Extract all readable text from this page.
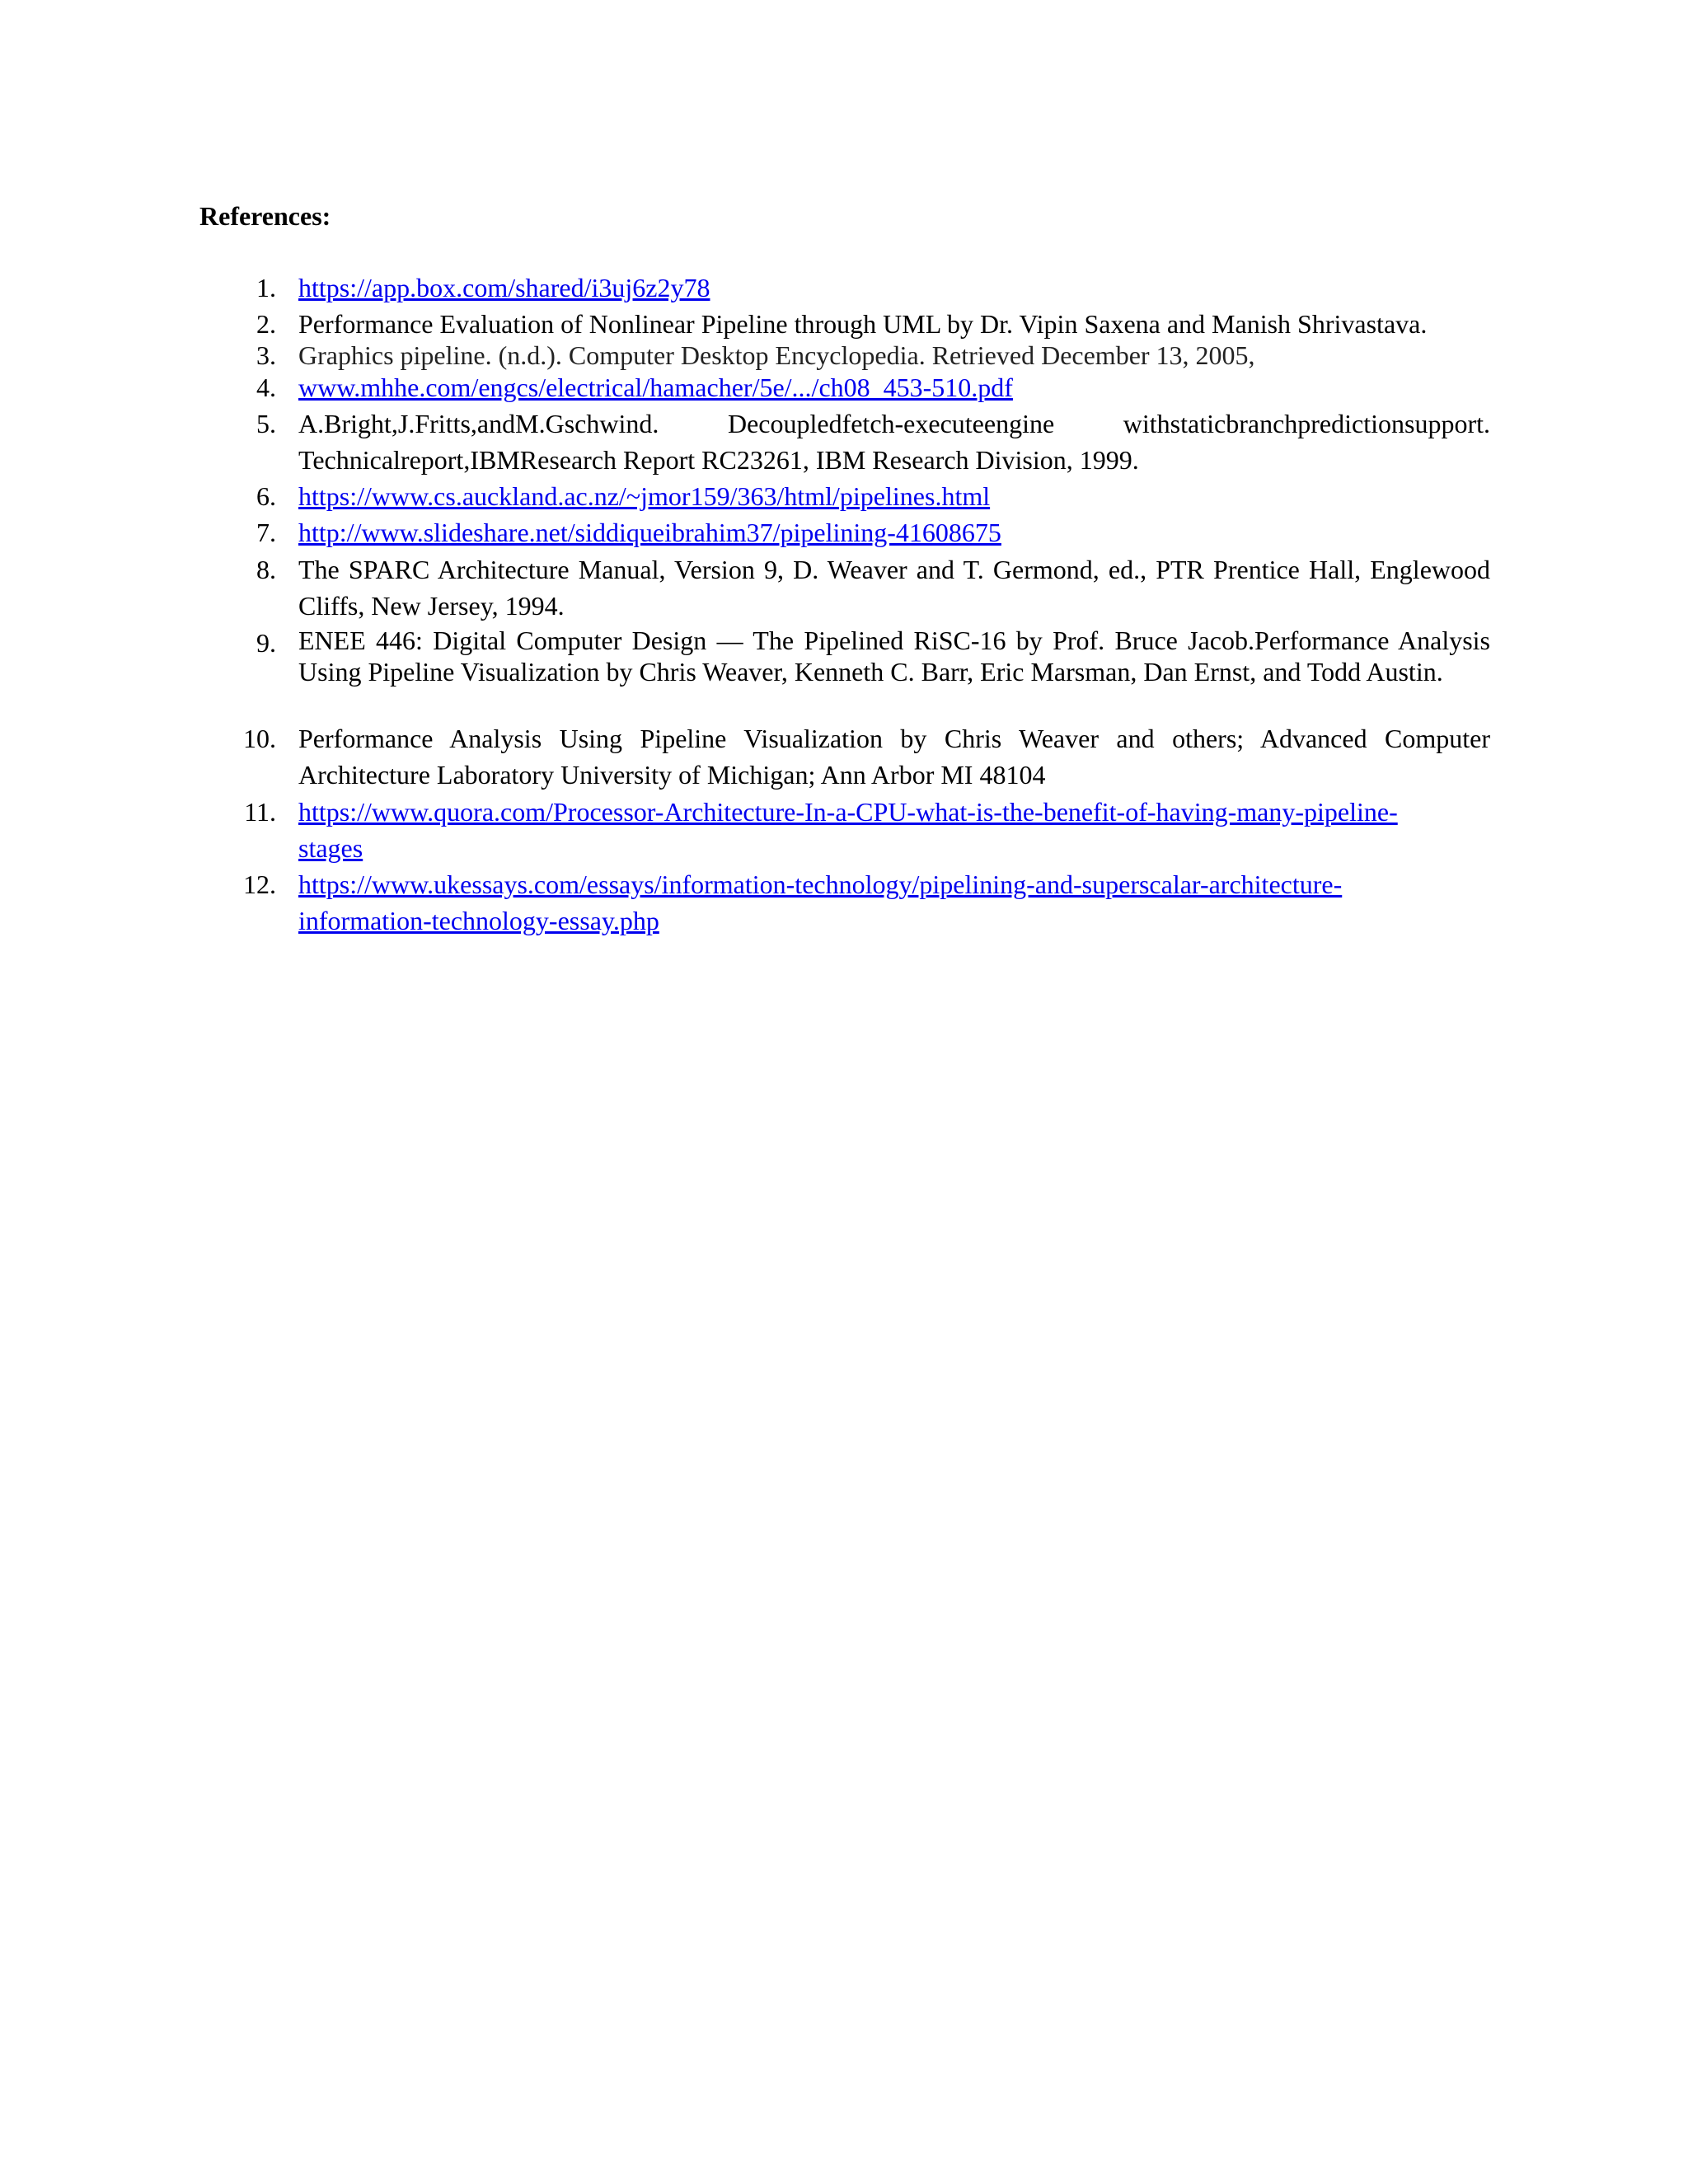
References:
1. https://app.box.com/shared/i3uj6z2y78
2. Performance Evaluation of Nonlinear Pipeline through UML by Dr. Vipin Saxena and Manish Shrivastava.
3. Graphics pipeline. (n.d.). Computer Desktop Encyclopedia. Retrieved December 13, 2005,
4. www.mhhe.com/engcs/electrical/hamacher/5e/.../ch08_453-510.pdf
5. A.Bright,J.Fritts,andM.Gschwind.	Decoupledfetch-executeengine	withstaticbranchpredictionsupport.
Technicalreport,IBMResearch Report RC23261, IBM Research Division, 1999.
6. https://www.cs.auckland.ac.nz/~jmor159/363/html/pipelines.html
7. http://www.slideshare.net/siddiqueibrahim37/pipelining-41608675
8. The SPARC Architecture Manual, Version 9, D. Weaver and T. Germond, ed., PTR Prentice Hall, Englewood Cliffs, New Jersey, 1994.
9. ENEE 446: Digital Computer Design — The Pipelined RiSC-16 by Prof. Bruce Jacob.Performance Analysis Using Pipeline Visualization by Chris Weaver, Kenneth C. Barr, Eric Marsman, Dan Ernst, and Todd Austin.
10. Performance Analysis Using Pipeline Visualization by Chris Weaver and others; Advanced Computer Architecture Laboratory University of Michigan; Ann Arbor MI 48104
11. https://www.quora.com/Processor-Architecture-In-a-CPU-what-is-the-benefit-of-having-many-pipeline-
stages
12. https://www.ukessays.com/essays/information-technology/pipelining-and-superscalar-architecture-
information-technology-essay.php
